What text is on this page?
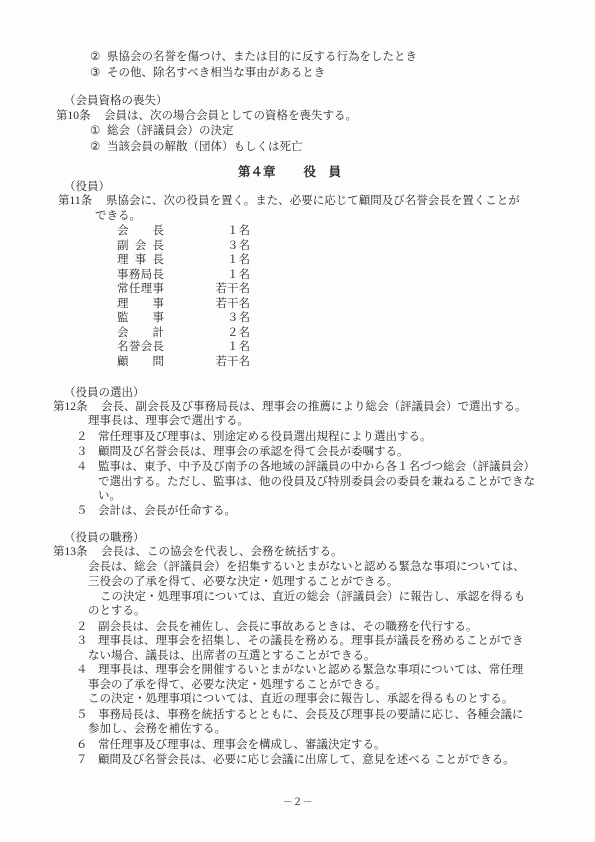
② 県協会の名誉を傷つけ、または目的に反する行為をしたとき
③ その他、除名すべき相当な事由があるとき
（会員資格の喪失）
第10条 会員は、次の場合会員としての資格を喪失する。
① 総会（評議員会）の決定
② 当該会員の解散（団体）もしくは死亡
第４章 役　員
（役員）
第11条 県協会に、次の役員を置く。また、必要に応じて顧問及び名誉会長を置くことが
できる。
会長	１名
副会長	３名
理事長	１名
事務局長	１名
常任理事	若干名
理事	若干名
監事	３名
会計	２名
名誉会長	１名
顧問	若干名
（役員の選出）
第12条 会長、副会長及び事務局長は、理事会の推薦により総会（評議員会）で選出する。
理事長は、理事会で選出する。
２ 常任理事及び理事は、別途定める役員選出規程により選出する。
３ 顧問及び名誉会長は、理事会の承認を得て会長が委嘱する。
４ 監事は、東予、中予及び南予の各地域の評議員の中から各１名づつ総会（評議員会）
で選出する。ただし、監事は、他の役員及び特別委員会の委員を兼ねることができな
い。
５ 会計は、会長が任命する。
（役員の職務）
第13条 会長は、この協会を代表し、会務を統括する。
会長は、総会（評議員会）を招集するいとまがないと認める緊急な事項については、
三役会の了承を得て、必要な決定・処理することができる。
この決定・処理事項については、直近の総会（評議員会）に報告し、承認を得るも
のとする。
２ 副会長は、会長を補佐し、会長に事故あるときは、その職務を代行する。
３ 理事長は、理事会を招集し、その議長を務める。理事長が議長を務めることができ
ない場合、議長は、出席者の互選とすることができる。
４ 理事長は、理事会を開催するいとまがないと認める緊急な事項については、常任理
事会の了承を得て、必要な決定・処理することができる。
この決定・処理事項については、直近の理事会に報告し、承認を得るものとする。
５ 事務局長は、事務を統括するとともに、会長及び理事長の要請に応じ、各種会議に
参加し、会務を補佐する。
６ 常任理事及び理事は、理事会を構成し、審議決定する。
７ 顧問及び名誉会長は、必要に応じ会議に出席して、意見を述べる ことができる。
－２－
